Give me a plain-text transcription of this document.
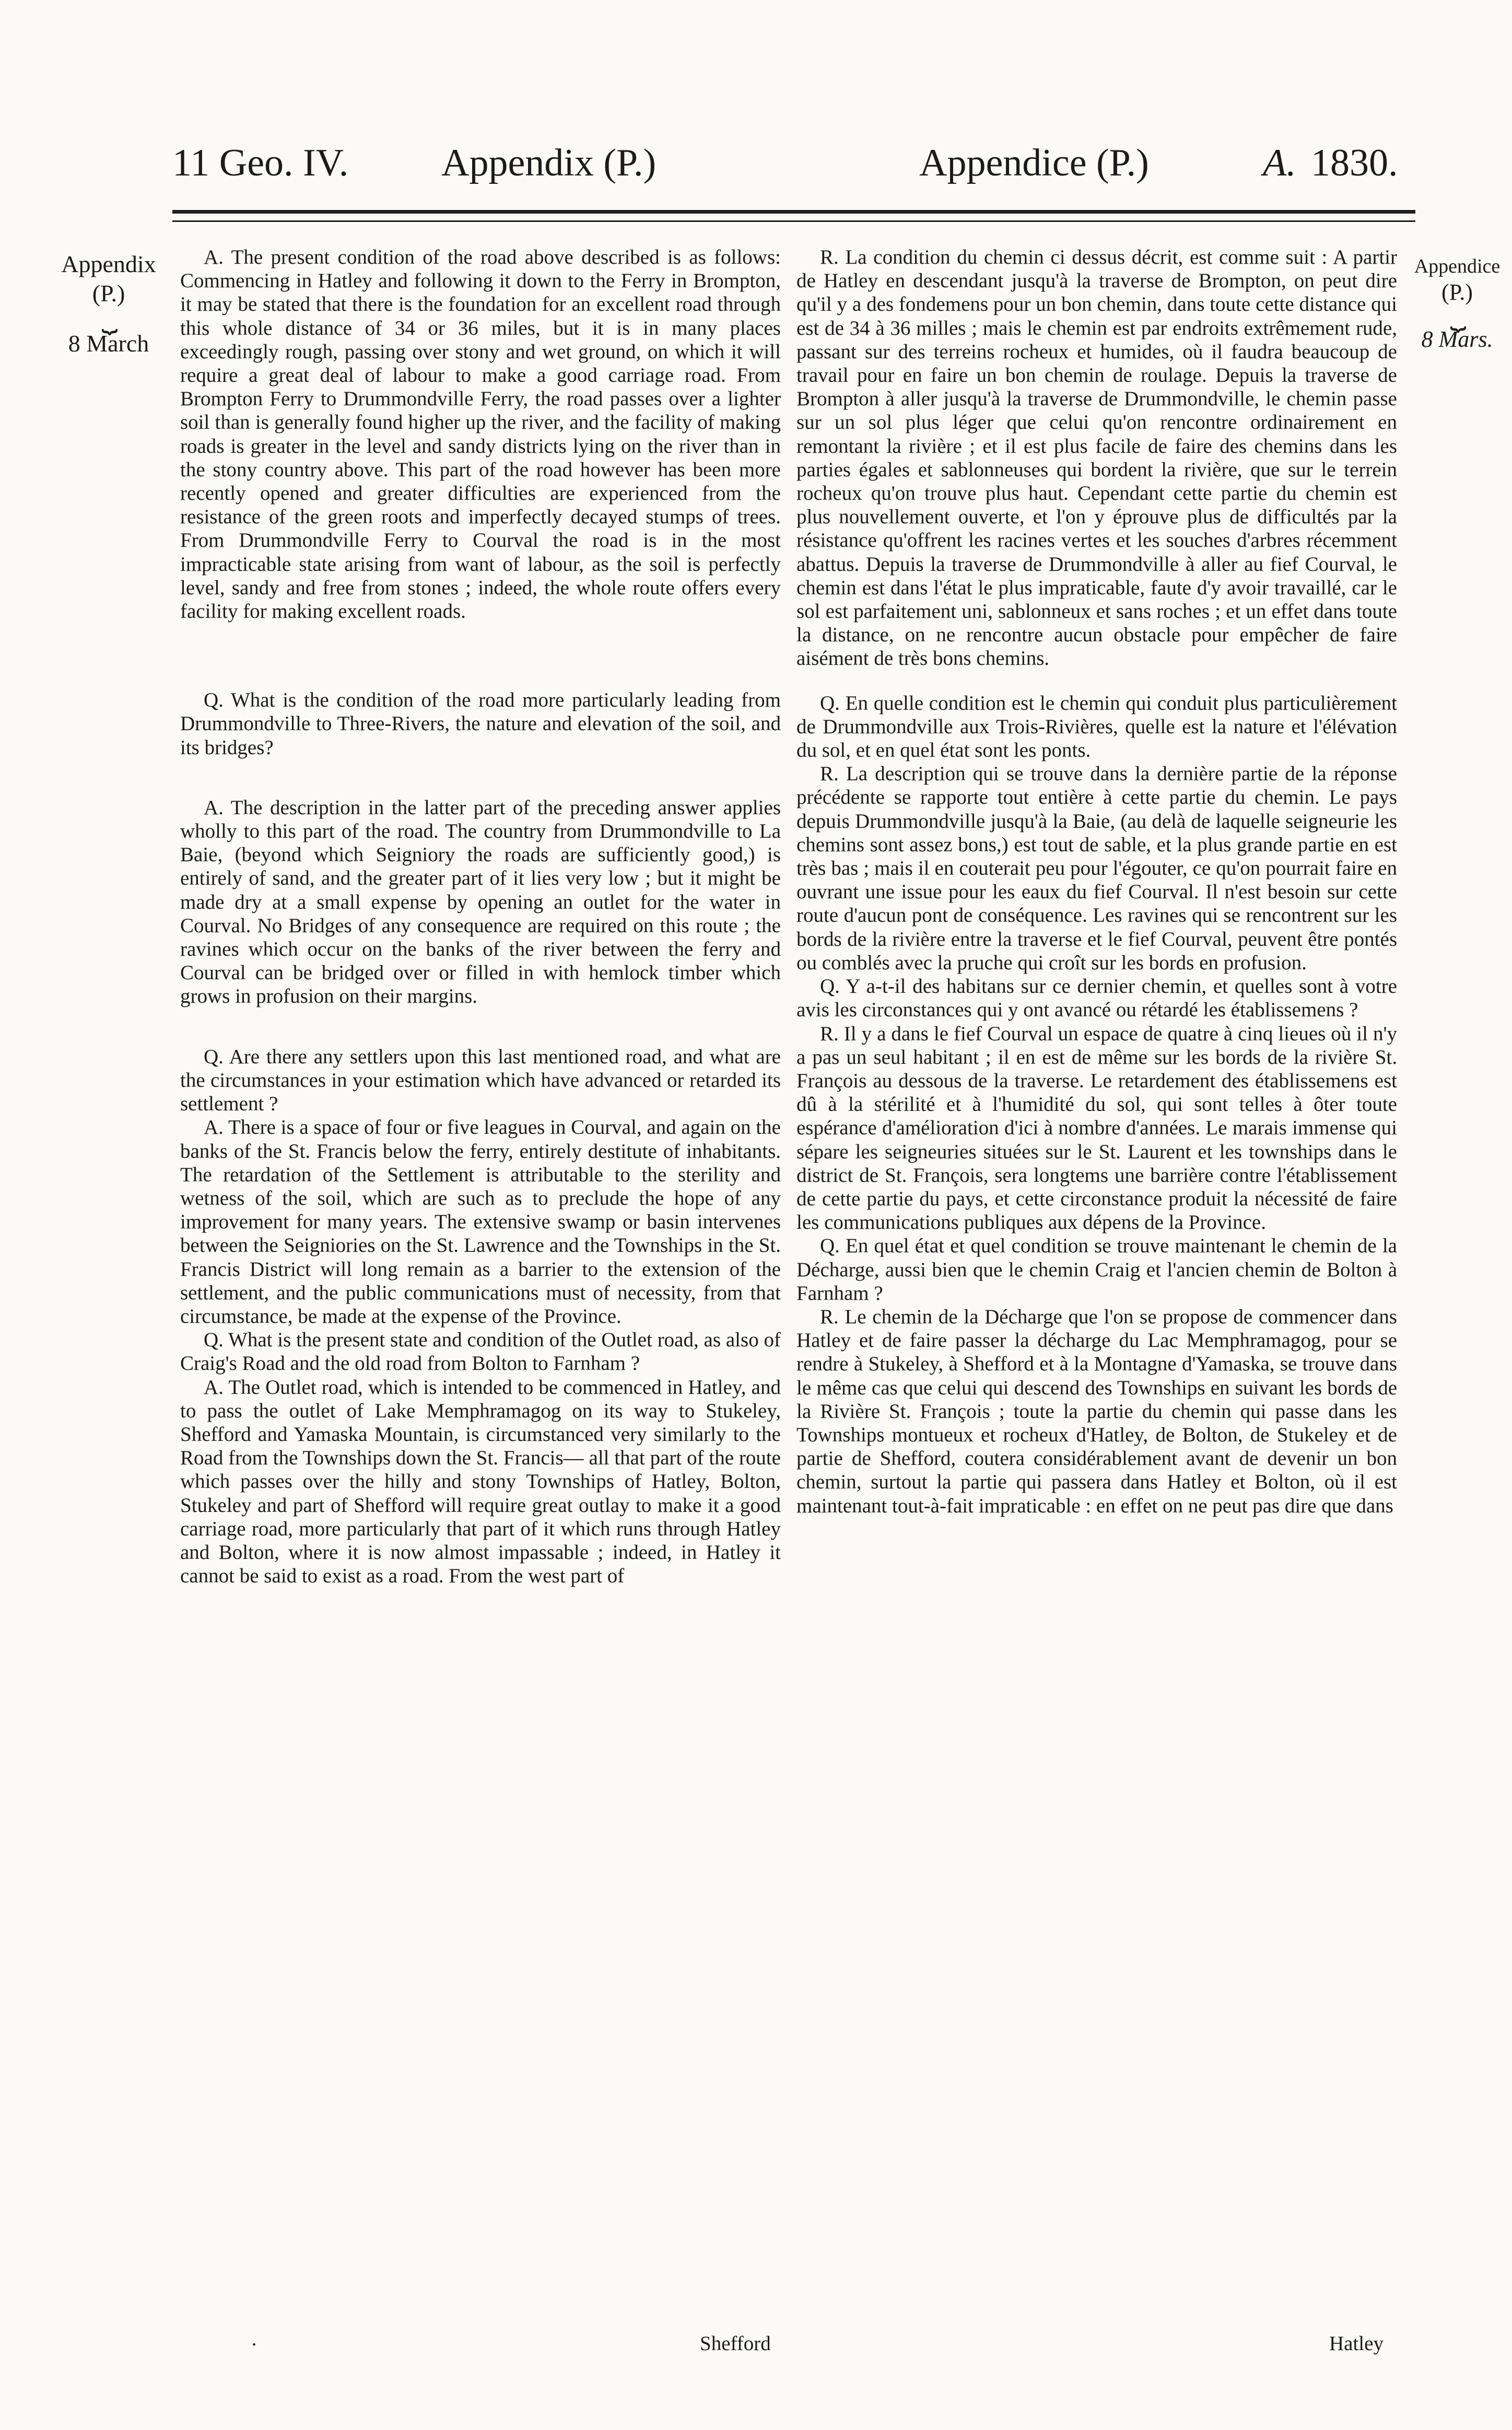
11 Geo. IV. Appendix (P.)	Appendice (P.)	A. 1830.
Appendix
(P.)
⏟
8 March
Appendice
(P.)
⏟
8 Mars.

A. The present condition of the road above described is as follows: Commencing in Hatley and following it down to the Ferry in Brompton, it may be stated that there is the foundation for an excellent road through this whole distance of 34 or 36 miles, but it is in many places exceedingly rough, passing over stony and wet ground, on which it will require a great deal of labour to make a good carriage road. From Brompton Ferry to Drummondville Ferry, the road passes over a lighter soil than is generally found higher up the river, and the facility of making roads is greater in the level and sandy districts lying on the river than in the stony country above. This part of the road however has been more recently opened and greater difficulties are experienced from the resistance of the green roots and imperfectly decayed stumps of trees. From Drummondville Ferry to Courval the road is in the most impracticable state arising from want of labour, as the soil is perfectly level, sandy and free from stones ; indeed, the whole route offers every facility for making excellent roads.

Q. What is the condition of the road more particularly leading from Drummondville to Three-Rivers, the nature and elevation of the soil, and its bridges?

A. The description in the latter part of the preceding answer applies wholly to this part of the road. The country from Drummondville to La Baie, (beyond which Seigniory the roads are sufficiently good,) is entirely of sand, and the greater part of it lies very low ; but it might be made dry at a small expense by opening an outlet for the water in Courval. No Bridges of any consequence are required on this route ; the ravines which occur on the banks of the river between the ferry and Courval can be bridged over or filled in with hemlock timber which grows in profusion on their margins.

Q. Are there any settlers upon this last mentioned road, and what are the circumstances in your estimation which have advanced or retarded its settlement ?

A. There is a space of four or five leagues in Courval, and again on the banks of the St. Francis below the ferry, entirely destitute of inhabitants. The retardation of the Settlement is attributable to the sterility and wetness of the soil, which are such as to preclude the hope of any improvement for many years. The extensive swamp or basin intervenes between the Seigniories on the St. Lawrence and the Townships in the St. Francis District will long remain as a barrier to the extension of the settlement, and the public communications must of necessity, from that circumstance, be made at the expense of the Province.

Q. What is the present state and condition of the Outlet road, as also of Craig's Road and the old road from Bolton to Farnham ?

A. The Outlet road, which is intended to be commenced in Hatley, and to pass the outlet of Lake Memphramagog on its way to Stukeley, Shefford and Yamaska Mountain, is circumstanced very similarly to the Road from the Townships down the St. Francis— all that part of the route which passes over the hilly and stony Townships of Hatley, Bolton, Stukeley and part of Shefford will require great outlay to make it a good carriage road, more particularly that part of it which runs through Hatley and Bolton, where it is now almost impassable ; indeed, in Hatley it cannot be said to exist as a road. From the west part of

·	Shefford

R. La condition du chemin ci dessus décrit, est comme suit : A partir de Hatley en descendant jusqu'à la traverse de Brompton, on peut dire qu'il y a des fondemens pour un bon chemin, dans toute cette distance qui est de 34 à 36 milles ; mais le chemin est par endroits extrêmement rude, passant sur des terreins rocheux et humides, où il faudra beaucoup de travail pour en faire un bon chemin de roulage. Depuis la traverse de Brompton à aller jusqu'à la traverse de Drummondville, le chemin passe sur un sol plus léger que celui qu'on rencontre ordinairement en remontant la rivière ; et il est plus facile de faire des chemins dans les parties égales et sablonneuses qui bordent la rivière, que sur le terrein rocheux qu'on trouve plus haut. Cependant cette partie du chemin est plus nouvellement ouverte, et l'on y éprouve plus de difficultés par la résistance qu'offrent les racines vertes et les souches d'arbres récemment abattus. Depuis la traverse de Drummondville à aller au fief Courval, le chemin est dans l'état le plus impraticable, faute d'y avoir travaillé, car le sol est parfaitement uni, sablonneux et sans roches ; et un effet dans toute la distance, on ne rencontre aucun obstacle pour empêcher de faire aisément de très bons chemins.

Q. En quelle condition est le chemin qui conduit plus particulièrement de Drummondville aux Trois-Rivières, quelle est la nature et l'élévation du sol, et en quel état sont les ponts.

R. La description qui se trouve dans la dernière partie de la réponse précédente se rapporte tout entière à cette partie du chemin. Le pays depuis Drummondville jusqu'à la Baie, (au delà de laquelle seigneurie les chemins sont assez bons,) est tout de sable, et la plus grande partie en est très bas ; mais il en couterait peu pour l'égouter, ce qu'on pourrait faire en ouvrant une issue pour les eaux du fief Courval. Il n'est besoin sur cette route d'aucun pont de conséquence. Les ravines qui se rencontrent sur les bords de la rivière entre la traverse et le fief Courval, peuvent être pontés ou comblés avec la pruche qui croît sur les bords en profusion.

Q. Y a-t-il des habitans sur ce dernier chemin, et quelles sont à votre avis les circonstances qui y ont avancé ou rétardé les établissemens ?

R. Il y a dans le fief Courval un espace de quatre à cinq lieues où il n'y a pas un seul habitant ; il en est de même sur les bords de la rivière St. François au dessous de la traverse. Le retardement des établissemens est dû à la stérilité et à l'humidité du sol, qui sont telles à ôter toute espérance d'amélioration d'ici à nombre d'années. Le marais immense qui sépare les seigneuries situées sur le St. Laurent et les townships dans le district de St. François, sera longtems une barrière contre l'établissement de cette partie du pays, et cette circonstance produit la nécessité de faire les communications publiques aux dépens de la Province.

Q. En quel état et quel condition se trouve maintenant le chemin de la Décharge, aussi bien que le chemin Craig et l'ancien chemin de Bolton à Farnham ?

R. Le chemin de la Décharge que l'on se propose de commencer dans Hatley et de faire passer la décharge du Lac Memphramagog, pour se rendre à Stukeley, à Shefford et à la Montagne d'Yamaska, se trouve dans le même cas que celui qui descend des Townships en suivant les bords de la Rivière St. François ; toute la partie du chemin qui passe dans les Townships montueux et rocheux d'Hatley, de Bolton, de Stukeley et de partie de Shefford, coutera considérablement avant de devenir un bon chemin, surtout la partie qui passera dans Hatley et Bolton, où il est maintenant tout-à-fait impraticable : en effet on ne peut pas dire que dans

Hatley
